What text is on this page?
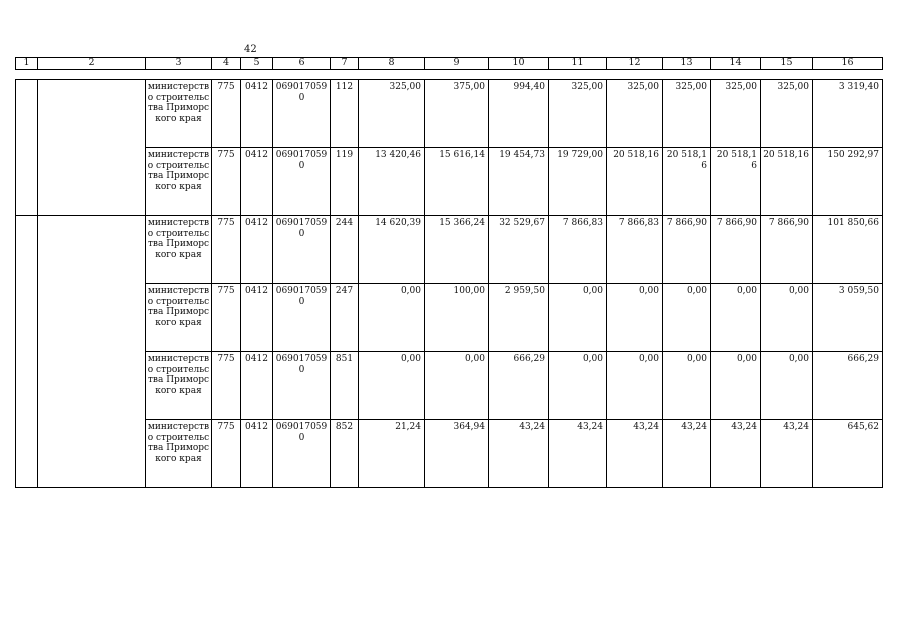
42
1	2	3	4	5	6	7	8	9	10	11	12	13	14	15	16
		министерство строительства Приморского края	775	0412	0690170590	112	325,00	375,00	994,40	325,00	325,00	325,00	325,00	325,00	3 319,40
		министерство строительства Приморского края	775	0412	0690170590	119	13 420,46	15 616,14	19 454,73	19 729,00	20 518,16	20 518,16	20 518,16	20 518,16	150 292,97
		министерство строительства Приморского края	775	0412	0690170590	244	14 620,39	15 366,24	32 529,67	7 866,83	7 866,83	7 866,90	7 866,90	7 866,90	101 850,66
		министерство строительства Приморского края	775	0412	0690170590	247	0,00	100,00	2 959,50	0,00	0,00	0,00	0,00	0,00	3 059,50
		министерство строительства Приморского края	775	0412	0690170590	851	0,00	0,00	666,29	0,00	0,00	0,00	0,00	0,00	666,29
		министерство строительства Приморского края	775	0412	0690170590	852	21,24	364,94	43,24	43,24	43,24	43,24	43,24	43,24	645,62
